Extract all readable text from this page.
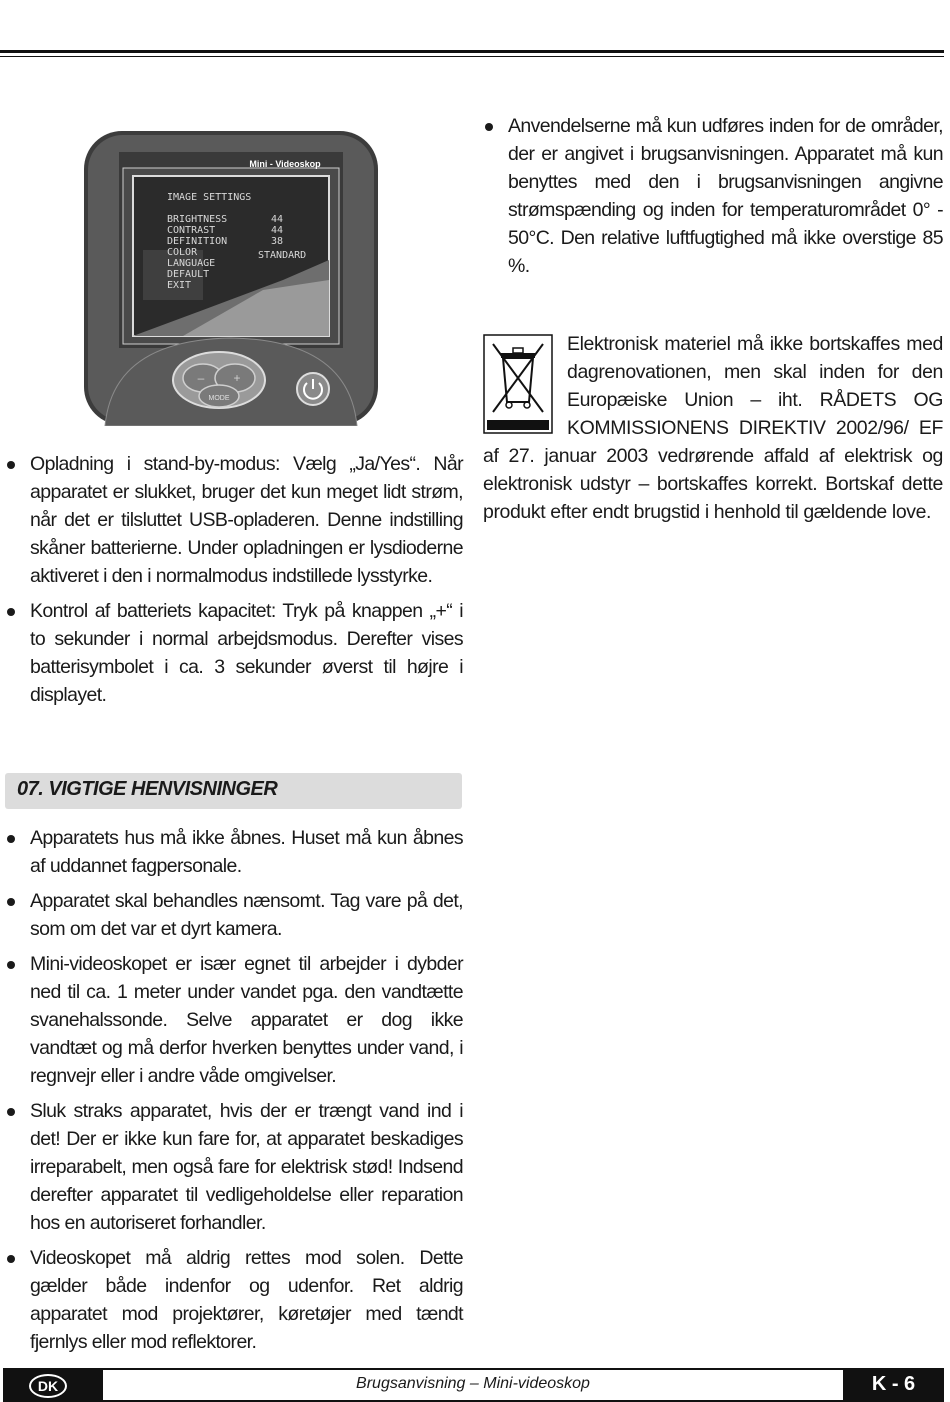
Mini - Videoskop
IMAGE SETTINGS
BRIGHTNESS	44
CONTRAST	44
DEFINITION	38
COLOR	STANDARD
LANGUAGE
DEFAULT
EXIT
– +
MODE
Anvendelserne må kun udføres inden for de områder, der er angivet i brugsanvisningen. Apparatet må kun benyttes med den i brugsanvisningen angivne strømspænding og inden for temperaturområdet 0° - 50°C. Den relative luftfugtighed må ikke overstige 85 %.

Elektronisk materiel må ikke bortskaffes med dagrenovationen, men skal inden for den Europæiske Union – iht. RÅDETS OG KOMMISSIONENS DIREKTIV 2002/96/ EF af 27. januar 2003 vedrørende affald af elektrisk og elektronisk udstyr – bortskaffes korrekt. Bortskaf dette produkt efter endt brugstid i henhold til gældende love.

Opladning i stand-by-modus: Vælg „Ja/Yes“. Når apparatet er slukket, bruger det kun meget lidt strøm, når det er tilsluttet USB-opladeren. Denne indstilling skåner batterierne. Under opladningen er lysdioderne aktiveret i den i normalmodus indstillede lysstyrke.
Kontrol af batteriets kapacitet: Tryk på knappen „+“ i to sekunder i normal arbejdsmodus. Derefter vises batterisymbolet i ca. 3 sekunder øverst til højre i displayet.
07. VIGTIGE HENVISNINGER
Apparatets hus må ikke åbnes. Huset må kun åbnes af uddannet fagpersonale.
Apparatet skal behandles nænsomt. Tag vare på det, som om det var et dyrt kamera.
Mini-videoskopet er især egnet til arbejder i dybder ned til ca. 1 meter under vandet pga. den vandtætte svanehalssonde. Selve apparatet er dog ikke vandtæt og må derfor hverken benyttes under vand, i regnvejr eller i andre våde omgivelser.
Sluk straks apparatet, hvis der er trængt vand ind i det! Der er ikke kun fare for, at apparatet beskadiges irreparabelt, men også fare for elektrisk stød! Indsend derefter apparatet til vedligeholdelse eller reparation hos en autoriseret forhandler.
Videoskopet må aldrig rettes mod solen. Dette gælder både indenfor og udenfor. Ret aldrig apparatet mod projektører, køretøjer med tændt fjernlys eller mod reflektorer.
DK	Brugsanvisning – Mini-videoskop	K - 6
